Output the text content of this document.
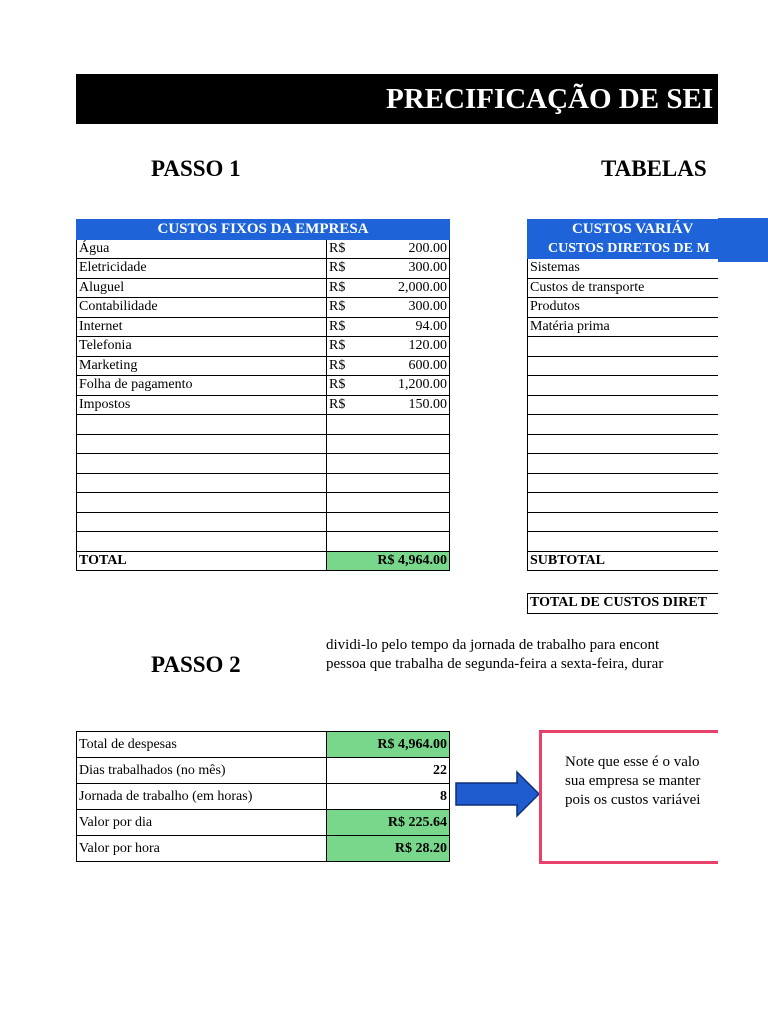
PRECIFICAÇÃO DE SEI
PASSO 1	TABELAS
CUSTOS FIXOS DA EMPRESA		
Água	R$	200.00
Eletricidade	R$	300.00
Aluguel	R$	2,000.00
Contabilidade	R$	300.00
Internet	R$	94.00
Telefonia	R$	120.00
Marketing	R$	600.00
Folha de pagamento	R$	1,200.00
Impostos	R$	150.00

TOTAL	R$ 4,964.00	
CUSTOS VARIÁV
CUSTOS DIRETOS DE M
Sistemas
Custos de transporte
Produtos
Matéria prima

SUBTOTAL
TOTAL DE CUSTOS DIRET
PASSO 2
dividi-lo pelo tempo da jornada de trabalho para encont
pessoa que trabalha de segunda-feira a sexta-feira, durar
Total de despesas	R$ 4,964.00
Dias trabalhados (no mês)	22
Jornada de trabalho (em horas)	8
Valor por dia	R$ 225.64
Valor por hora	R$ 28.20

Note que esse é o valo
sua empresa se manter
pois os custos variávei
